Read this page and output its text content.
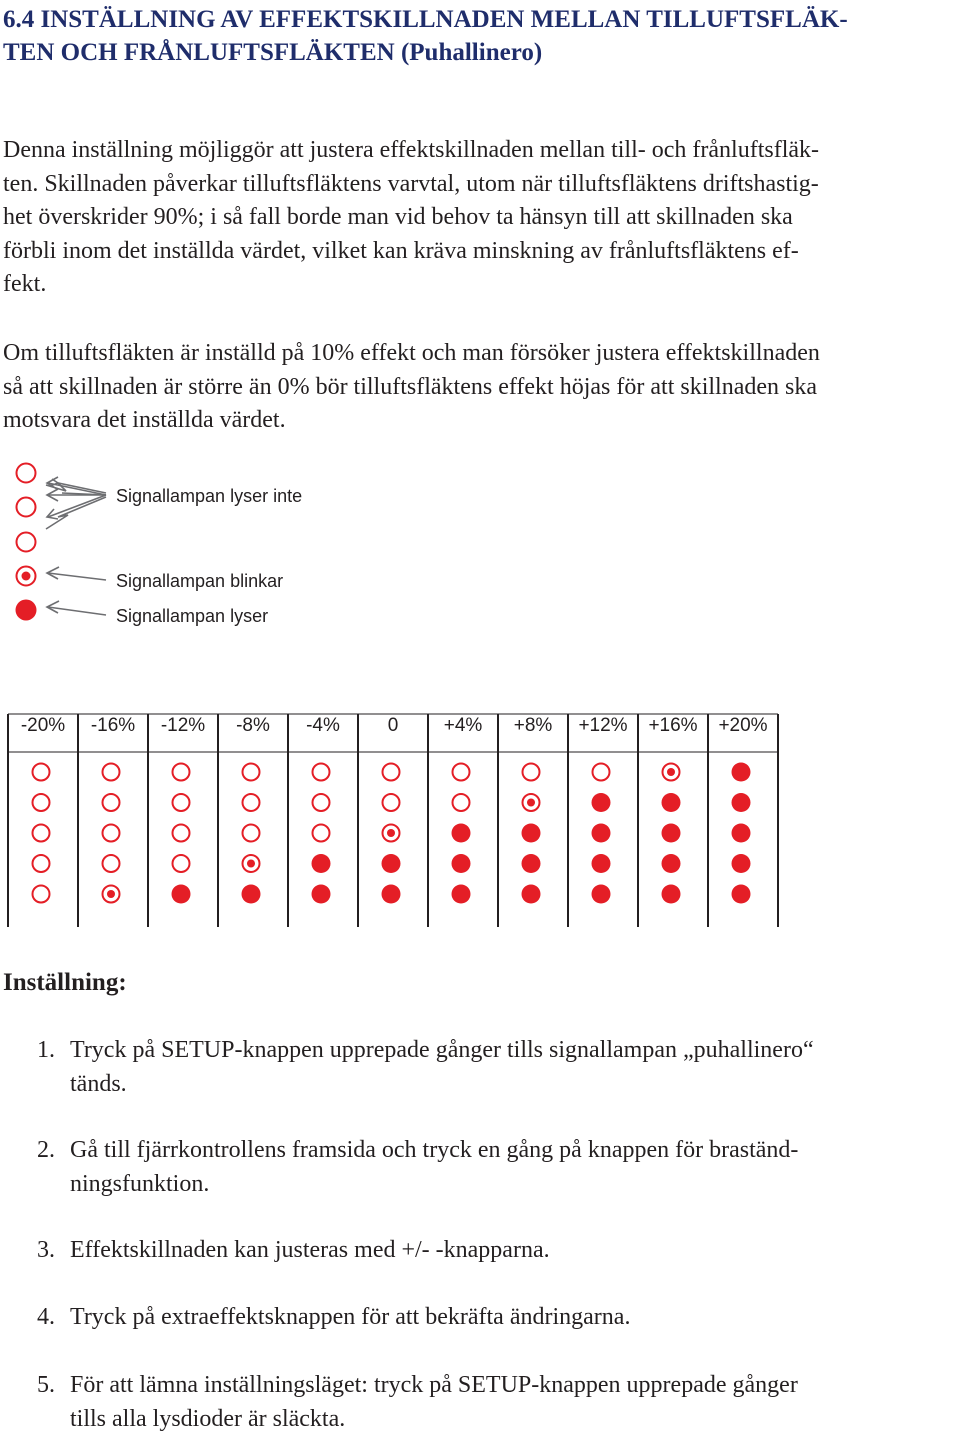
6.4 INSTÄLLNING AV EFFEKTSKILLNADEN MELLAN TILLUFTSFLÄK-
TEN OCH FRÅNLUFTSFLÄKTEN (Puhallinero)

Denna inställning möjliggör att justera effektskillnaden mellan till- och frånluftsfläk-
ten. Skillnaden påverkar tilluftsfläktens varvtal, utom när tilluftsfläktens driftshastig-
het överskrider 90%; i så fall borde man vid behov ta hänsyn till att skillnaden ska
förbli inom det inställda värdet, vilket kan kräva minskning av frånluftsfläktens ef-
fekt.

Om tilluftsfläkten är inställd på 10% effekt och man försöker justera effektskillnaden
så att skillnaden är större än 0% bör tilluftsfläktens effekt höjas för att skillnaden ska
motsvara det inställda värdet.

Signallampan lyser inte
Signallampan blinkar
Signallampan lyser
-20%	-16%	-12%	-8%	-4%	0	+4%	+8%	+12%	+16%	+20%
Inställning:
1. Tryck på SETUP-knappen upprepade gånger tills signallampan „puhallinero“
tänds.
2. Gå till fjärrkontrollens framsida och tryck en gång på knappen för braständ-
ningsfunktion.
3. Effektskillnaden kan justeras med +/- -knapparna.
4. Tryck på extraeffektsknappen för att bekräfta ändringarna.
5. För att lämna inställningsläget: tryck på SETUP-knappen upprepade gånger
tills alla lysdioder är släckta.
